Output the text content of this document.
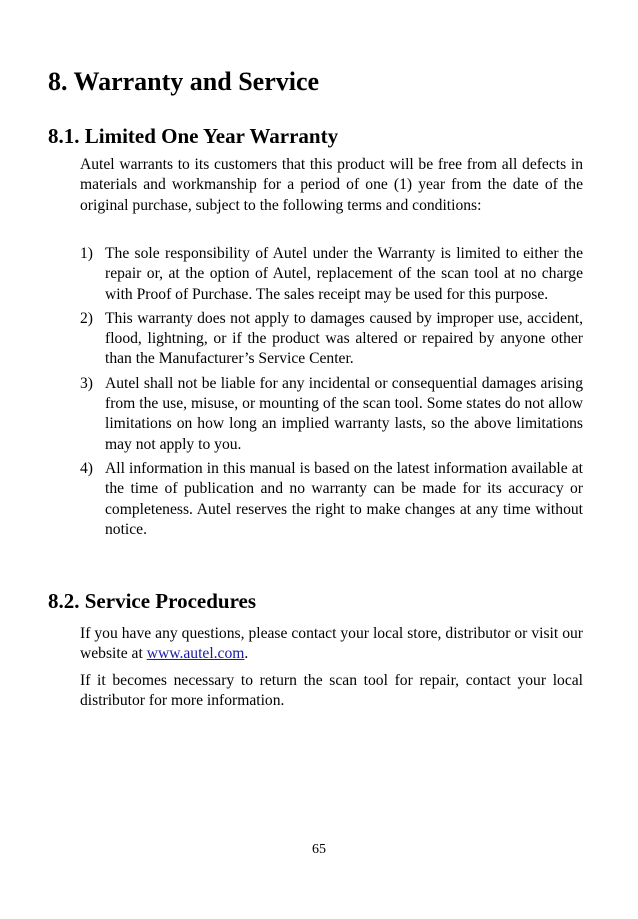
8. Warranty and Service
8.1. Limited One Year Warranty
Autel warrants to its customers that this product will be free from all defects in materials and workmanship for a period of one (1) year from the date of the original purchase, subject to the following terms and conditions:
1) The sole responsibility of Autel under the Warranty is limited to either the repair or, at the option of Autel, replacement of the scan tool at no charge with Proof of Purchase. The sales receipt may be used for this purpose.
2) This warranty does not apply to damages caused by improper use, accident, flood, lightning, or if the product was altered or repaired by anyone other than the Manufacturer’s Service Center.
3) Autel shall not be liable for any incidental or consequential damages arising from the use, misuse, or mounting of the scan tool. Some states do not allow limitations on how long an implied warranty lasts, so the above limitations may not apply to you.
4) All information in this manual is based on the latest information available at the time of publication and no warranty can be made for its accuracy or completeness. Autel reserves the right to make changes at any time without notice.
8.2. Service Procedures
If you have any questions, please contact your local store, distributor or visit our website at www.autel.com.
If it becomes necessary to return the scan tool for repair, contact your local distributor for more information.
65
